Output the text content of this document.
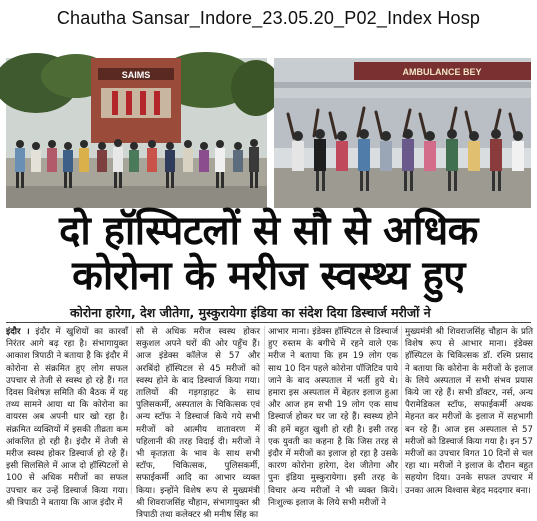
Chautha Sansar_Indore_23.05.20_P02_Index Hosp
SAIMS	AMBULANCE BEY
दो हॉस्पिटलों से सौ से अधिक
कोरोना के मरीज स्वस्थ्य हुए
कोरोना हारेगा, देश जीतेगा, मुस्कुरायेगा इंडिया का संदेश दिया डिस्चार्ज मरीजों ने
इंदौर । इंदौर में खुशियों का कारवाँ निरंतर आगे बढ़ रहा है। संभागायुक्त आकाश त्रिपाठी ने बताया है कि इंदौर में कोरोना से संक्रमित हुए लोग सफल उपचार से तेजी से स्वस्थ हो रहे हैं। गत दिवस विशेषज्ञ समिति की बैठक में यह तथ्य सामने आया था कि कोरोना का वायरस अब अपनी धार खो रहा है। संक्रमित व्यक्तियों में इसकी तीव्रता कम आंकलित हो रही है। इंदौर में तेजी से मरीज स्वस्थ होकर डिस्चार्ज हो रहे हैं। इसी सिलसिले में आज दो हॉस्पिटलों से 100 से अधिक मरीजों का सफल उपचार कर उन्हें डिस्चार्ज किया गया। श्री त्रिपाठी ने बताया कि आज इंदौर में
सौ से अधिक मरीज स्वस्थ होकर सकुशल अपने घरों की ओर पहुँच हैं। आज इंडेक्स कॉलेज से 57 और अरबिंदो हॉस्पिटल से 45 मरीजों को स्वस्थ होने के बाद डिस्चार्ज किया गया। तालियों की गड़गड़ाहट के साथ पुलिसकर्मी, अस्पताल के चिकित्सक एवं अन्य स्टॉफ ने डिस्चार्ज किये गये सभी मरीजों को आत्मीय वातावरण में पहिलानी की तरह विदाई दी। मरीजों ने भी कृतज्ञता के भाव के साथ सभी स्टॉफ, चिकित्सक, पुलिसकर्मी, सफाईकर्मी आदि का आभार व्यक्त किया। इन्होंने विशेष रूप से मुख्यमंत्री श्री शिवराजसिंह चौहान, संभागायुक्त श्री त्रिपाठी तथा कलेक्टर श्री मनीष सिंह का
आभार माना। इंडेक्स हॉस्पिटल से डिस्चार्ज हुए रुस्तम के बगीचे में रहने वाले एक मरीज ने बताया कि हम 19 लोग एक साथ 10 दिन पहले कोरोना पॉजिटिव पाये जाने के बाद अस्पताल में भर्ती हुये थे। हमारा इस अस्पताल में बेहतर इलाज हुआ और आज हम सभी 19 लोग एक साथ डिस्चार्ज होकर घर जा रहे हैं। स्वस्थ्य होने की हमें बहुत खुशी हो रही है। इसी तरह एक युवती का कहना है कि जिस तरह से इंदौर में मरीजों का इलाज हो रहा है उसके कारण कोरोना हारेगा, देश जीतेगा और पुनः इंडिया मुस्कुरायेगा। इसी तरह के विचार अन्य मरीजों ने भी व्यक्त किये। निःशुल्क इलाज के लिये सभी मरीजों ने
मुख्यमंत्री श्री शिवराजसिंह चौहान के प्रति विशेष रूप से आभार माना। इंडेक्स हॉस्पिटल के चिकित्सक डॉ. रश्मि प्रसाद ने बताया कि कोरोना के मरीजों के इलाज के लिये अस्पताल में सभी संभव प्रयास किये जा रहे हैं। सभी डॉक्टर, नर्स, अन्य पैरामेडिकल स्टॉफ, सफाईकर्मी अथक मेहनत कर मरीजों के इलाज में सहभागी बन रहे हैं। आज इस अस्पताल से 57 मरीजों को डिस्चार्ज किया गया है। इन 57 मरीजों का उपचार विगत 10 दिनों से चल रहा था। मरीजों ने इलाज के दौरान बहुत सहयोग दिया। उनके सफल उपचार में उनका आत्म विश्वास बेहद मददगार बना।
